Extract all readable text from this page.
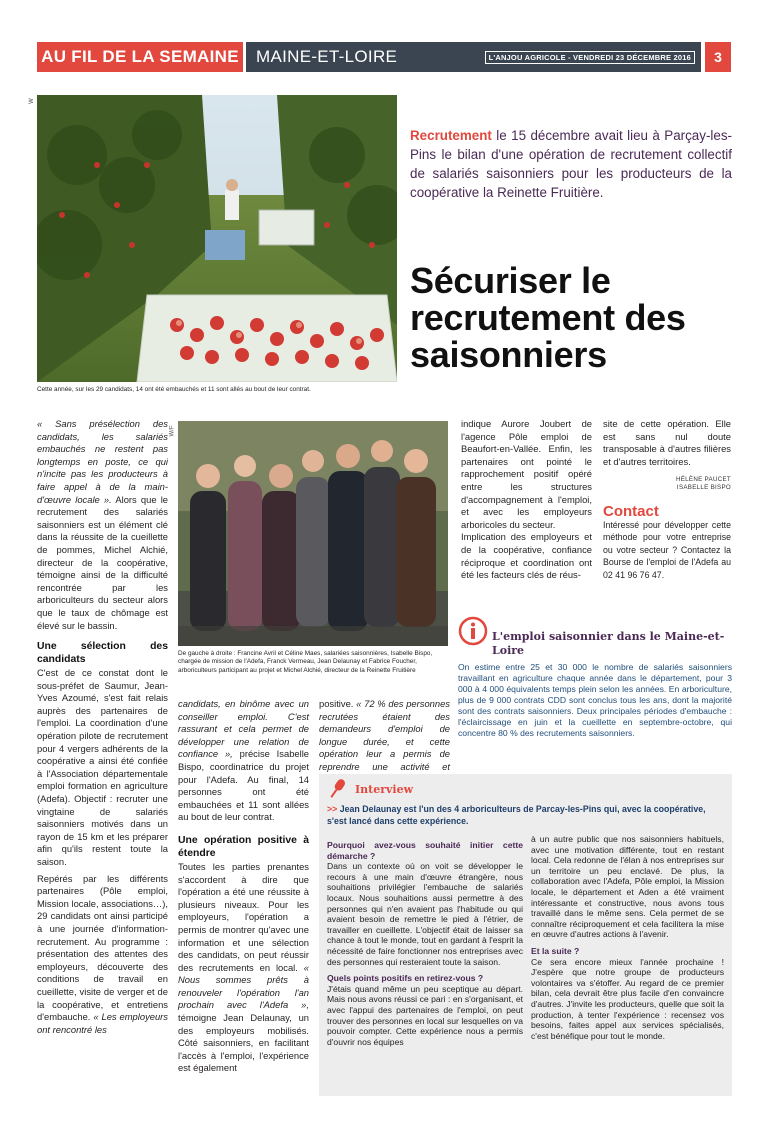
AU FIL DE LA SEMAINE MAINE-ET-LOIRE	L'ANJOU AGRICOLE - VENDREDI 23 DÉCEMBRE 2016	3
W
Cette année, sur les 29 candidats, 14 ont été embauchés et 11 sont allés au bout de leur contrat.
Recrutement le 15 décembre avait lieu à Parçay-les-Pins le bilan d'une opération de recrutement collectif de salariés saisonniers pour les producteurs de la coopérative la Reinette Fruitière.
Sécuriser le
recrutement des
saisonniers

« Sans présélection des candidats, les salariés embauchés ne restent pas longtemps en poste, ce qui n'incite pas les producteurs à faire appel à de la main-d'œuvre locale ». Alors que le recrutement des salariés saisonniers est un élément clé dans la réussite de la cueillette de pommes, Michel Alchié, directeur de la coopérative, témoigne ainsi de la difficulté rencontrée par les arboriculteurs du secteur alors que le taux de chômage est élevé sur le bassin.

Une sélection des candidats

C'est de ce constat dont le sous-préfet de Saumur, Jean-Yves Azoumé, s'est fait relais auprès des partenaires de l'emploi. La coordination d'une opération pilote de recrutement pour 4 vergers adhérents de la coopérative a ainsi été confiée à l'Association départementale emploi formation en agriculture (Adefa). Objectif : recruter une vingtaine de salariés saisonniers motivés dans un rayon de 15 km et les préparer afin qu'ils restent toute la saison.

Repérés par les différents partenaires (Pôle emploi, Mission locale, associations…), 29 candidats ont ainsi participé à une journée d'information-recrutement. Au programme : présentation des attentes des employeurs, découverte des conditions de travail en cueillette, visite de verger et de la coopérative, et entretiens d'embauche. « Les employeurs ont rencontré les

W/F
De gauche à droite : Francine Avril et Céline Maes, salariées saisonnières, Isabelle Bispo, chargée de mission de l'Adefa, Franck Vermeau, Jean Delaunay et Fabrice Foucher, arboriculteurs participant au projet et Michel Alchié, directeur de la Reinette Fruitière

candidats, en binôme avec un conseiller emploi. C'est rassurant et cela permet de développer une relation de confiance », précise Isabelle Bispo, coordinatrice du projet pour l'Adefa. Au final, 14 personnes ont été embauchées et 11 sont allées au bout de leur contrat.

Une opération positive à étendre

Toutes les parties prenantes s'accordent à dire que l'opération a été une réussite à plusieurs niveaux. Pour les employeurs, l'opération a permis de montrer qu'avec une information et une sélection des candidats, on peut réussir des recrutements en local. « Nous sommes prêts à renouveler l'opération l'an prochain avec l'Adefa », témoigne Jean Delaunay, un des employeurs mobilisés. Côté saisonniers, en facilitant l'accès à l'emploi, l'expérience est également

positive. « 72 % des personnes recrutées étaient des demandeurs d'emploi de longue durée, et cette opération leur a permis de reprendre une activité et

indique Aurore Joubert de l'agence Pôle emploi de Beaufort-en-Vallée. Enfin, les partenaires ont pointé le rapprochement positif opéré entre les structures d'accompagnement à l'emploi, et avec les employeurs arboricoles du secteur.

Implication des employeurs et de la coopérative, confiance réciproque et coordination ont été les facteurs clés de réus-

site de cette opération. Elle est sans nul doute transposable à d'autres filières et d'autres territoires.

HÉLÈNE PAUCET
ISABELLE BISPO
Contact

Intéressé pour développer cette méthode pour votre entreprise ou votre secteur ? Contactez la Bourse de l'emploi de l'Adefa au 02 41 96 76 47.

L'emploi saisonnier dans le Maine-et-Loire
On estime entre 25 et 30 000 le nombre de salariés saisonniers travaillant en agriculture chaque année dans le département, pour 3 000 à 4 000 équivalents temps plein selon les années. En arboriculture, plus de 9 000 contrats CDD sont conclus tous les ans, dont la majorité sont des contrats saisonniers. Deux principales périodes d'embauche : l'éclaircissage en juin et la cueillette en septembre-octobre, qui concentre 80 % des recrutements saisonniers.
Interview
>> Jean Delaunay est l'un des 4 arboriculteurs de Parcay-les-Pins qui, avec la coopérative, s'est lancé dans cette expérience.

Pourquoi avez-vous souhaité initier cette démarche ?

Dans un contexte où on voit se développer le recours à une main d'œuvre étrangère, nous souhaitions privilégier l'embauche de salariés locaux. Nous souhaitions aussi permettre à des personnes qui n'en avaient pas l'habitude ou qui avaient besoin de remettre le pied à l'étrier, de travailler en cueillette. L'objectif était de laisser sa chance à tout le monde, tout en gardant à l'esprit la nécessité de faire fonctionner nos entreprises avec des personnes qui resteraient toute la saison.

Quels points positifs en retirez-vous ?

J'étais quand même un peu sceptique au départ. Mais nous avons réussi ce pari : en s'organisant, et avec l'appui des partenaires de l'emploi, on peut trouver des personnes en local sur lesquelles on va pouvoir compter. Cette expérience nous a permis d'ouvrir nos équipes

à un autre public que nos saisonniers habituels, avec une motivation différente, tout en restant local. Cela redonne de l'élan à nos entreprises sur un territoire un peu enclavé. De plus, la collaboration avec l'Adefa, Pôle emploi, la Mission locale, le département et Aden a été vraiment intéressante et constructive, nous avons tous travaillé dans le même sens. Cela permet de se connaître réciproquement et cela facilitera la mise en œuvre d'autres actions à l'avenir.

Et la suite ?

Ce sera encore mieux l'année prochaine ! J'espère que notre groupe de producteurs volontaires va s'étoffer. Au regard de ce premier bilan, cela devrait être plus facile d'en convaincre d'autres. J'invite les producteurs, quelle que soit la production, à tenter l'expérience : recensez vos besoins, faites appel aux services spécialisés, c'est bénéfique pour tout le monde.
